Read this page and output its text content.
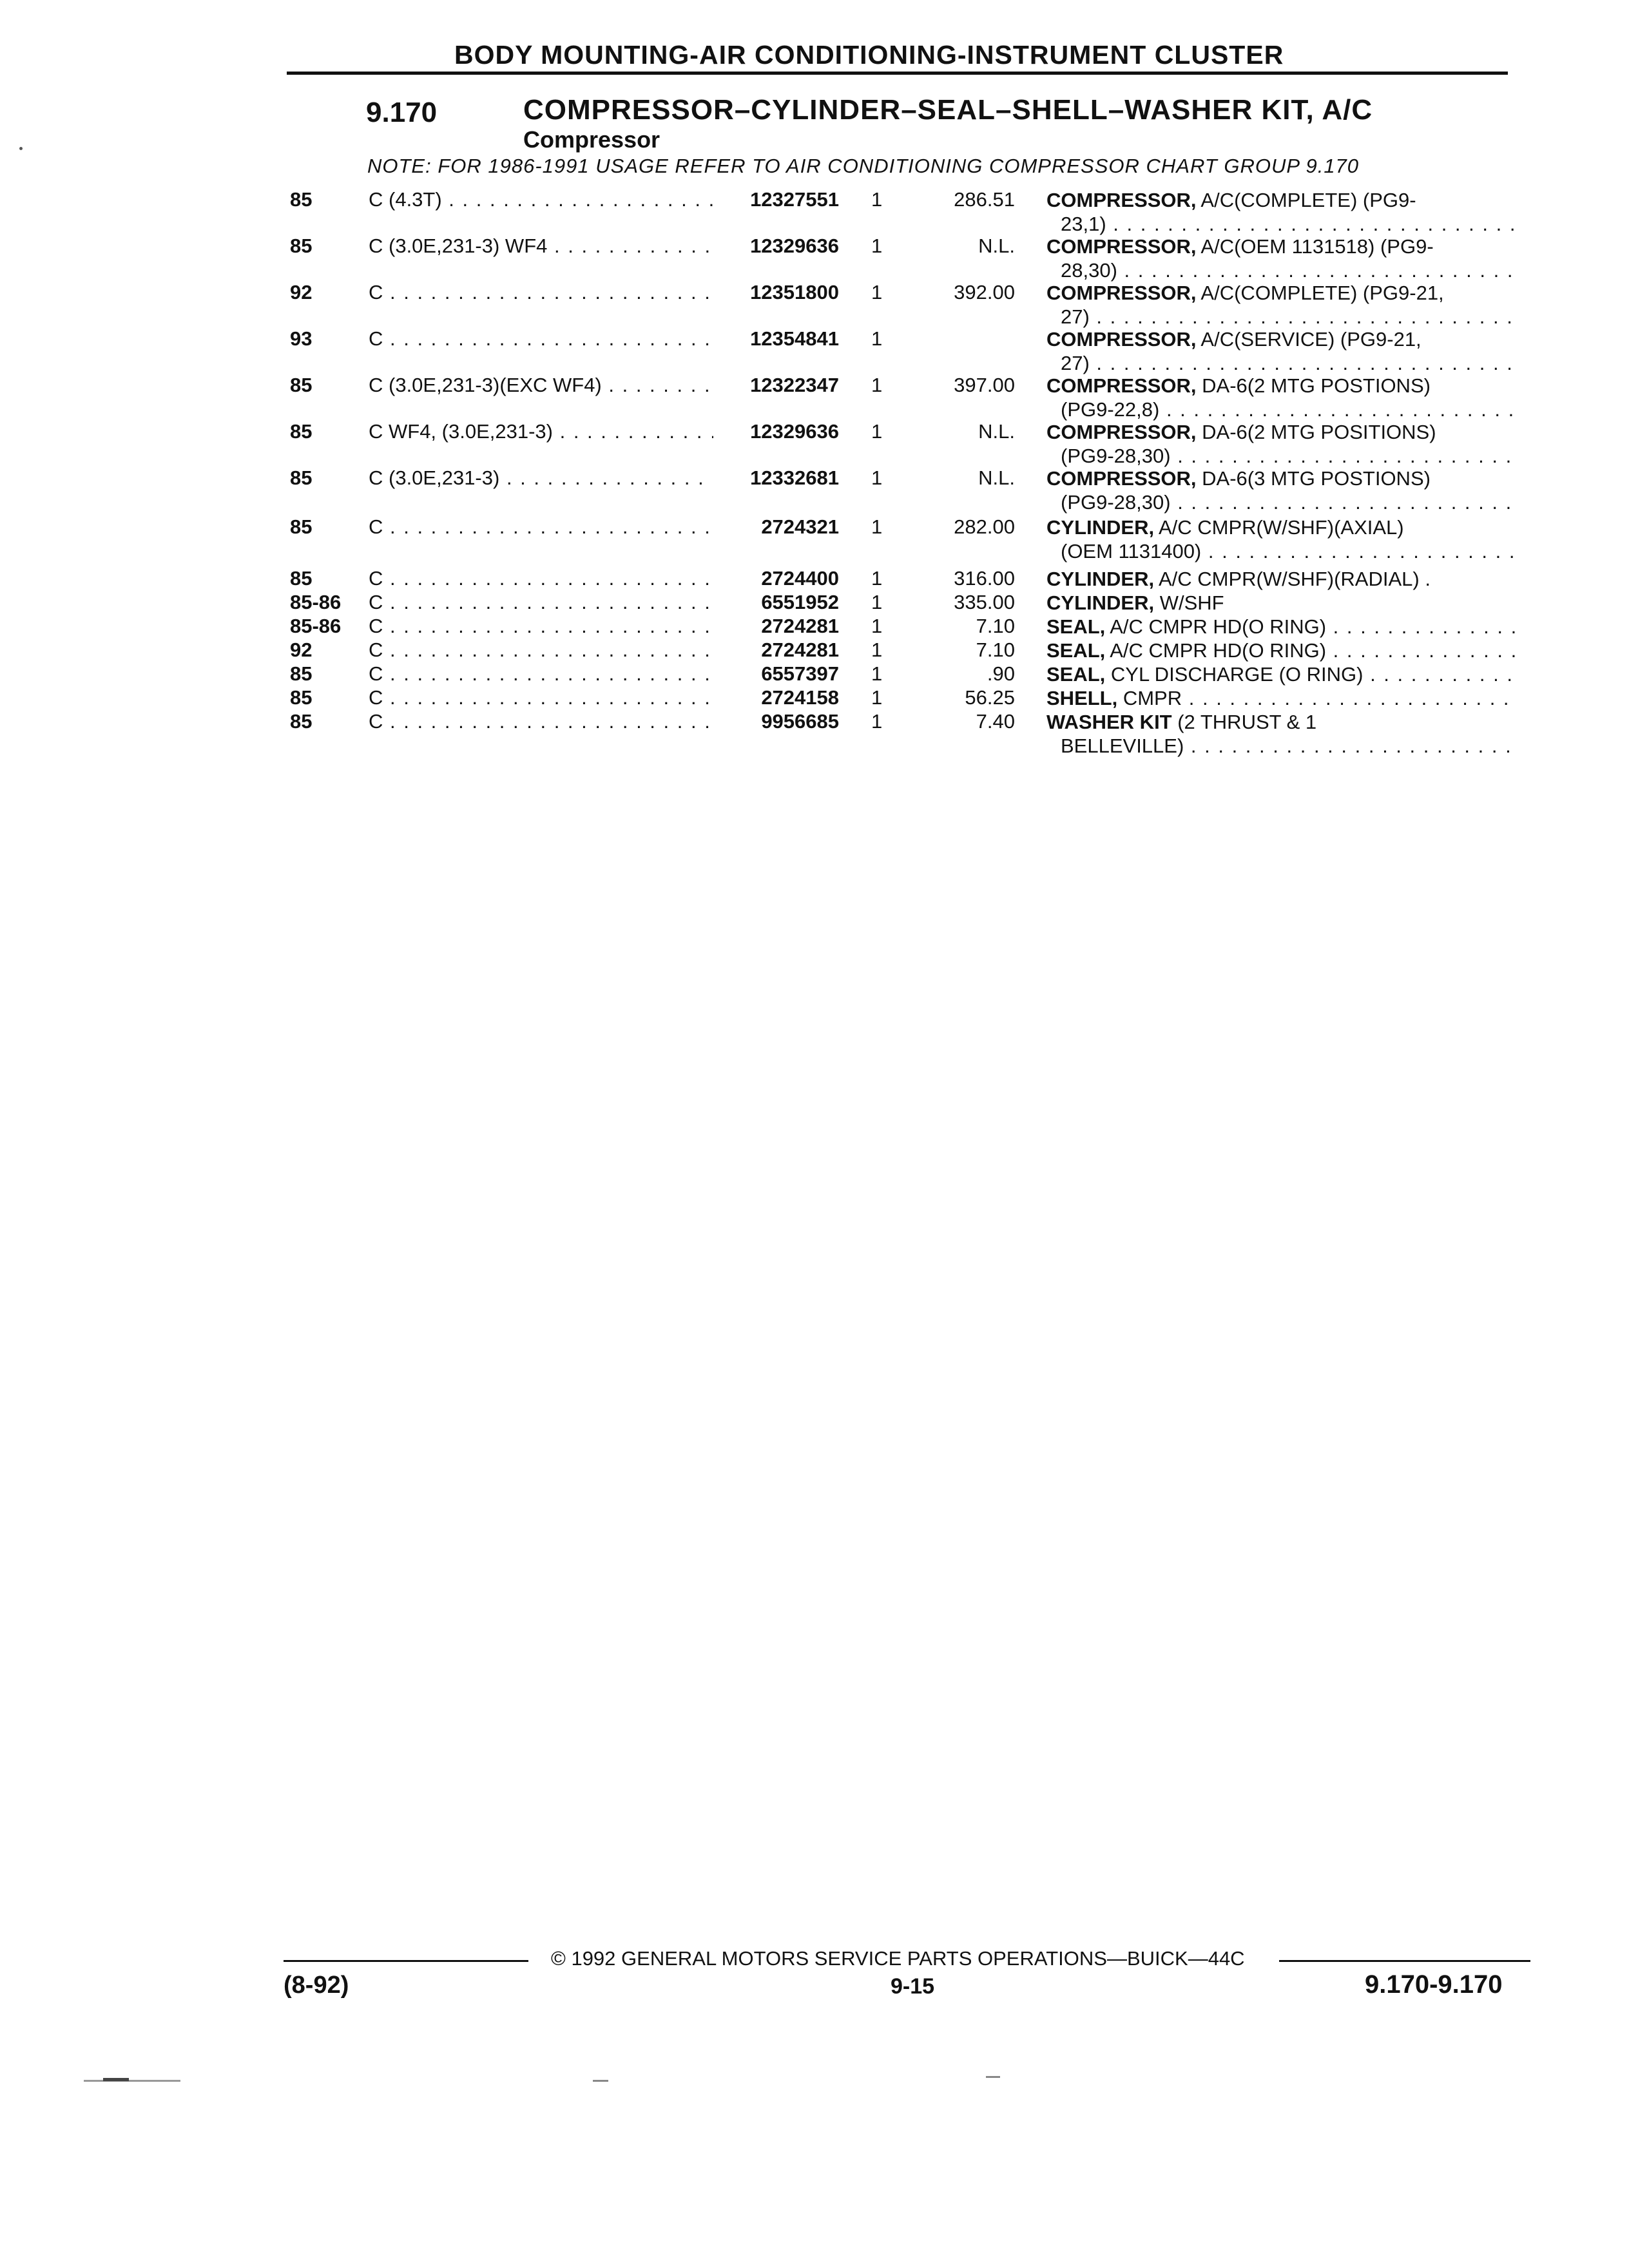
BODY MOUNTING-AIR CONDITIONING-INSTRUMENT CLUSTER
9.170	COMPRESSOR–CYLINDER–SEAL–SHELL–WASHER KIT, A/C
Compressor
NOTE: FOR 1986-1991 USAGE REFER TO AIR CONDITIONING COMPRESSOR CHART GROUP 9.170
85	C (4.3T) . . .	12327551 1	286.51 COMPRESSOR, A/C(COMPLETE) (PG9-
23,1) . . .
85	C (3.0E,231-3) WF4 . . .	12329636 1	N.L. COMPRESSOR, A/C(OEM 1131518) (PG9-
28,30) . . .
92	C . . .	12351800 1	392.00 COMPRESSOR, A/C(COMPLETE) (PG9-21,
27) . . .
93	C . . .	12354841 1	COMPRESSOR, A/C(SERVICE) (PG9-21,
27) . . .
85	C (3.0E,231-3)(EXC WF4) . . .	12322347 1	397.00 COMPRESSOR, DA-6(2 MTG POSTIONS)
(PG9-22,8) . . .
85	C WF4, (3.0E,231-3) . . .	12329636 1	N.L. COMPRESSOR, DA-6(2 MTG POSITIONS)
(PG9-28,30) . . .
85	C (3.0E,231-3) . . .	12332681 1	N.L. COMPRESSOR, DA-6(3 MTG POSTIONS)
(PG9-28,30) . . .
85	C . . .	2724321 1	282.00 CYLINDER, A/C CMPR(W/SHF)(AXIAL)
(OEM 1131400) . . .
85	C . . .	2724400 1	316.00 CYLINDER, A/C CMPR(W/SHF)(RADIAL) .
85-86 C . . .	6551952 1	335.00 CYLINDER, W/SHF
85-86 C . . .	2724281 1	7.10 SEAL, A/C CMPR HD(O RING) . . .
92	C . . .	2724281 1	7.10 SEAL, A/C CMPR HD(O RING) . . .
85	C . . .	6557397 1	.90 SEAL, CYL DISCHARGE (O RING) . . .
85	C . . .	2724158 1	56.25 SHELL, CMPR . . .
85	C . . .	9956685 1	7.40 WASHER KIT (2 THRUST & 1
BELLEVILLE) . . .
© 1992 GENERAL MOTORS SERVICE PARTS OPERATIONS—BUICK—44C
(8-92)	9-15	9.170-9.170
